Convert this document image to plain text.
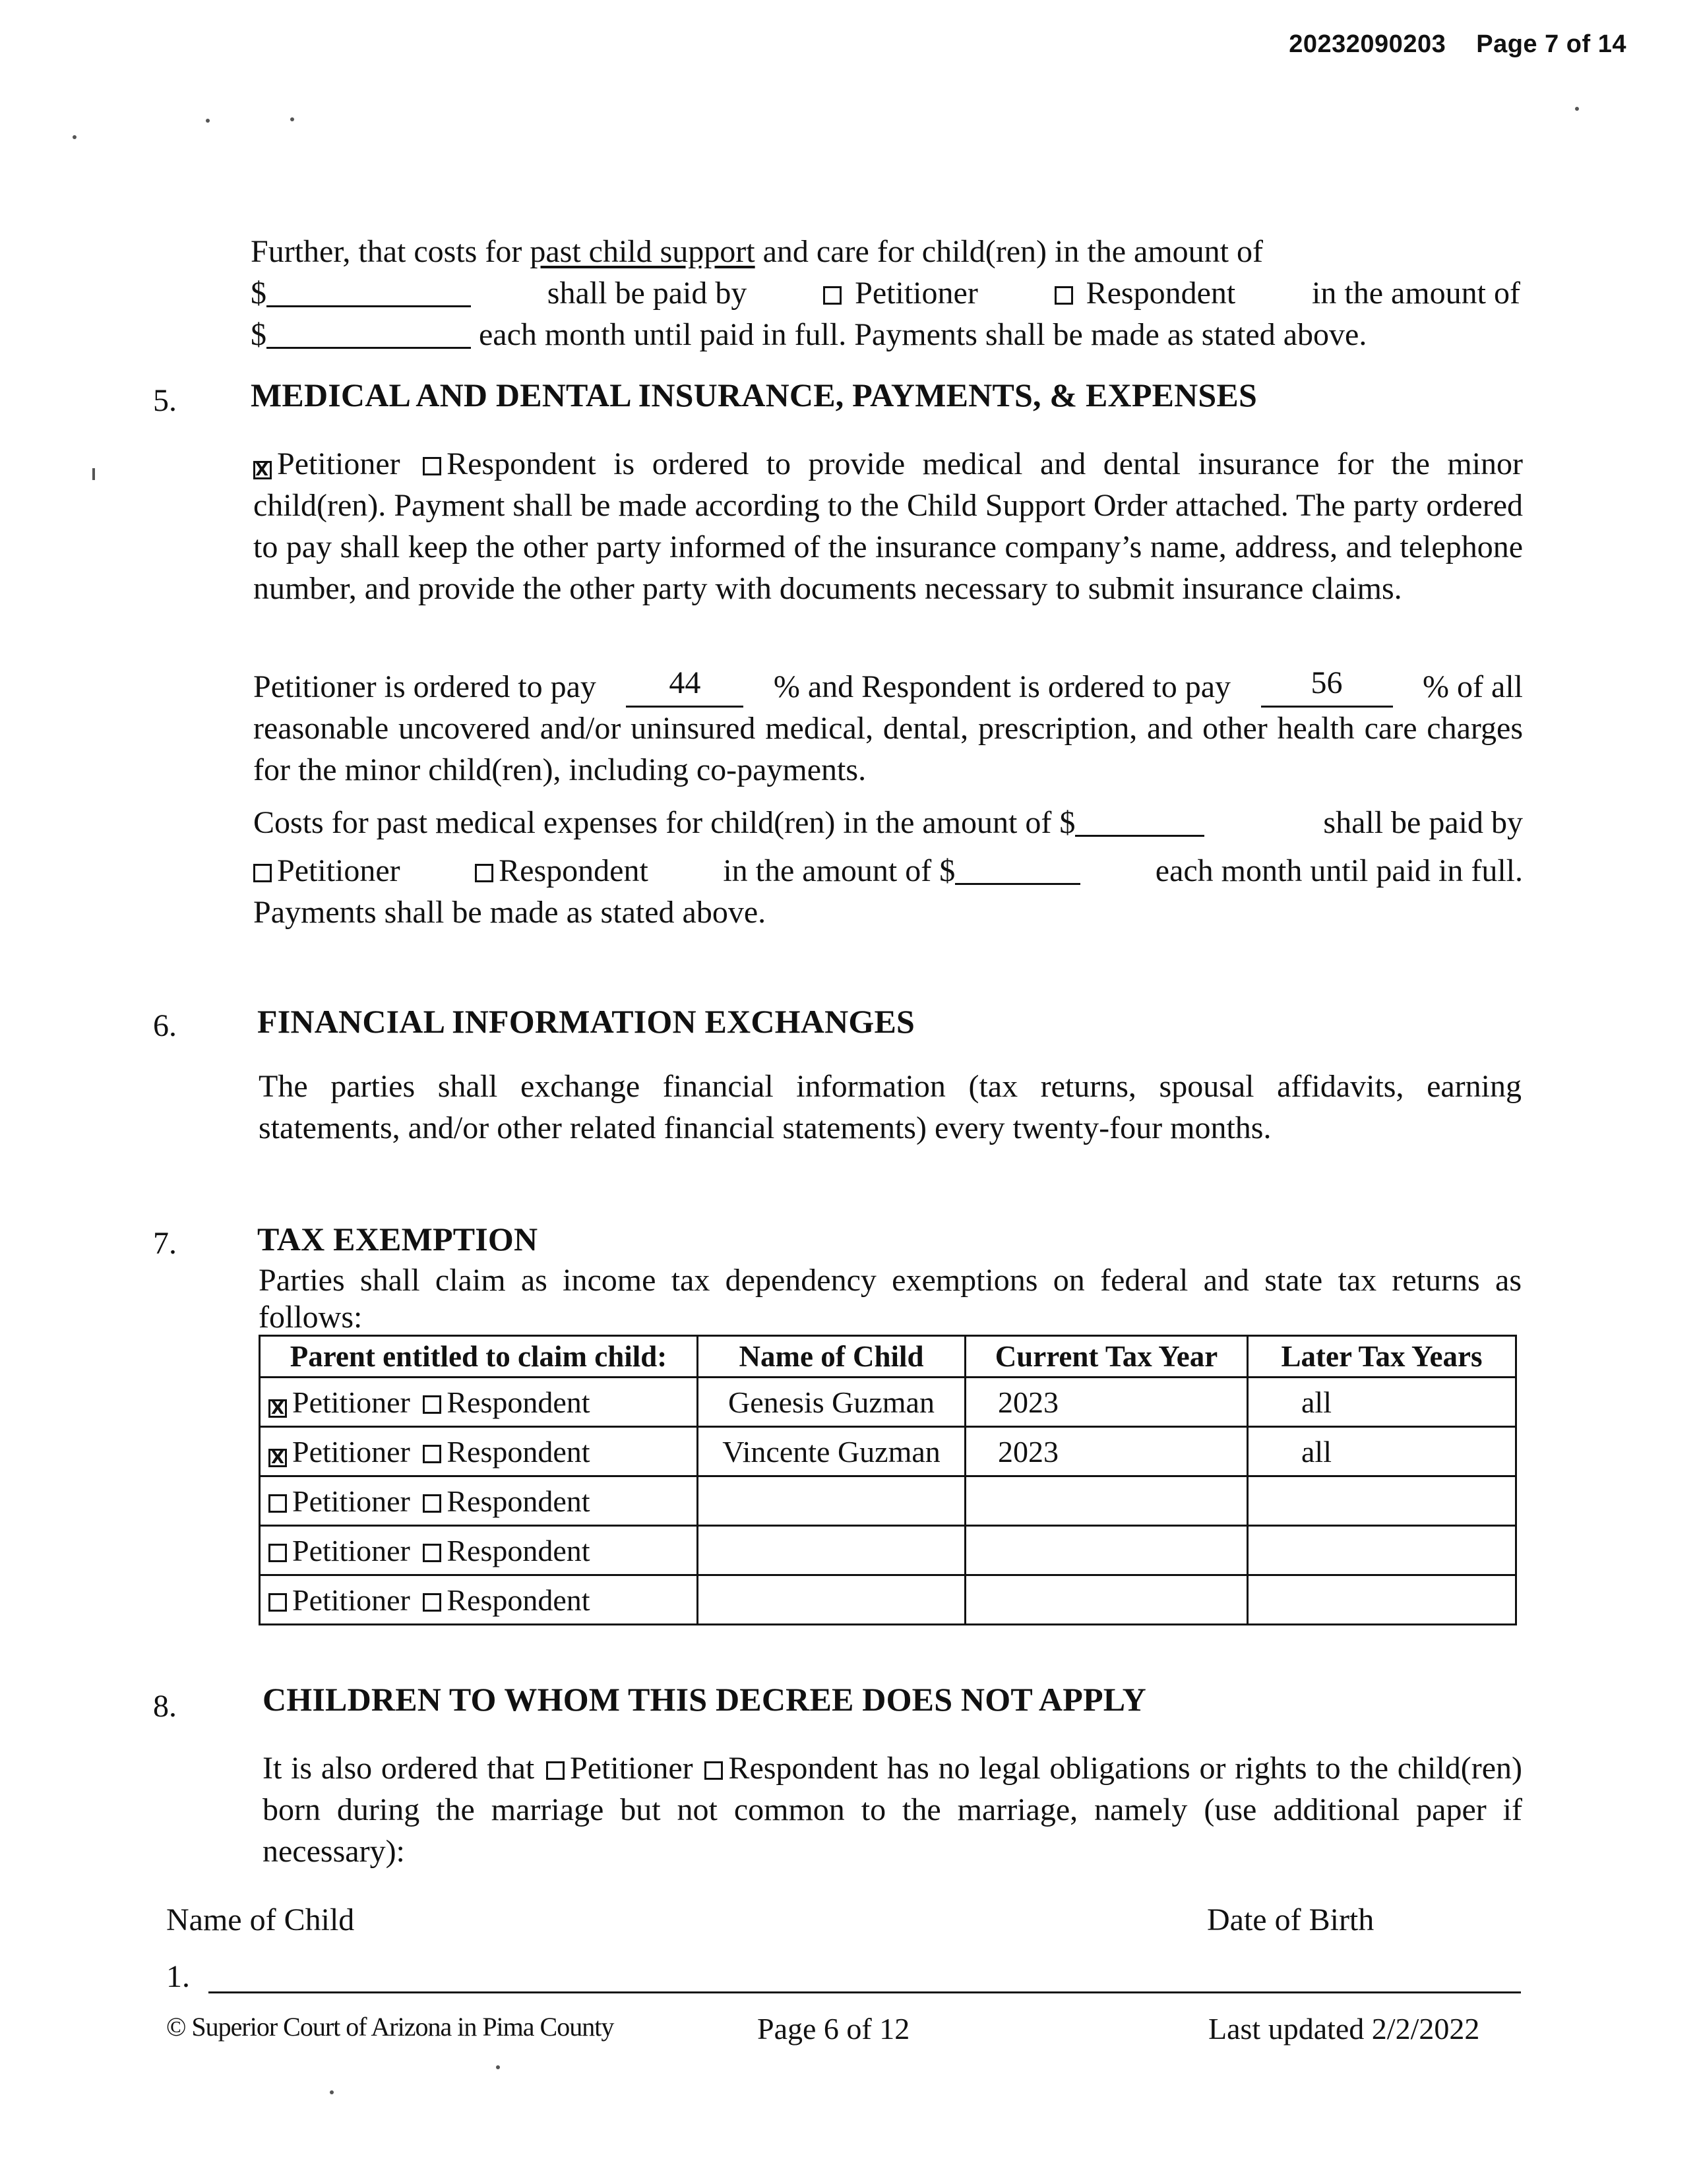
20232090203 Page 7 of 14
Further, that costs for past child support and care for child(ren) in the amount of
$	shall be paid by	Petitioner	Respondent in the amount of
$	each month until paid in full. Payments shall be made as stated above.
5. MEDICAL AND DENTAL INSURANCE, PAYMENTS, & EXPENSES
X Petitioner Respondent is ordered to provide medical and dental insurance for the minor child(ren). Payment shall be made according to the Child Support Order attached. The party ordered to pay shall keep the other party informed of the insurance company’s name, address, and telephone number, and provide the other party with documents necessary to submit insurance claims.
Petitioner is ordered to pay	44	% and Respondent is ordered to pay	56	% of all
reasonable uncovered and/or uninsured medical, dental, prescription, and other health care charges for the minor child(ren), including co-payments.
Costs for past medical expenses for child(ren) in the amount of $	shall be paid by
Petitioner	Respondent in the amount of $	each month until paid in full.
Payments shall be made as stated above.
6. FINANCIAL INFORMATION EXCHANGES
The parties shall exchange financial information (tax returns, spousal affidavits, earning statements, and/or other related financial statements) every twenty-four months.
7. TAX EXEMPTION
Parties shall claim as income tax dependency exemptions on federal and state tax returns as follows:
Parent entitled to claim child:	Name of Child	Current Tax Year	Later Tax Years
X Petitioner Respondent	Genesis Guzman	2023	all
X Petitioner Respondent	Vincente Guzman	2023	all
Petitioner Respondent			
Petitioner Respondent			
Petitioner Respondent			
8.	CHILDREN TO WHOM THIS DECREE DOES NOT APPLY
It is also ordered that Petitioner Respondent has no legal obligations or rights to the child(ren) born during the marriage but not common to the marriage, namely (use additional paper if necessary):
Name of Child	Date of Birth
1.
© Superior Court of Arizona in Pima County	Page 6 of 12	Last updated 2/2/2022
